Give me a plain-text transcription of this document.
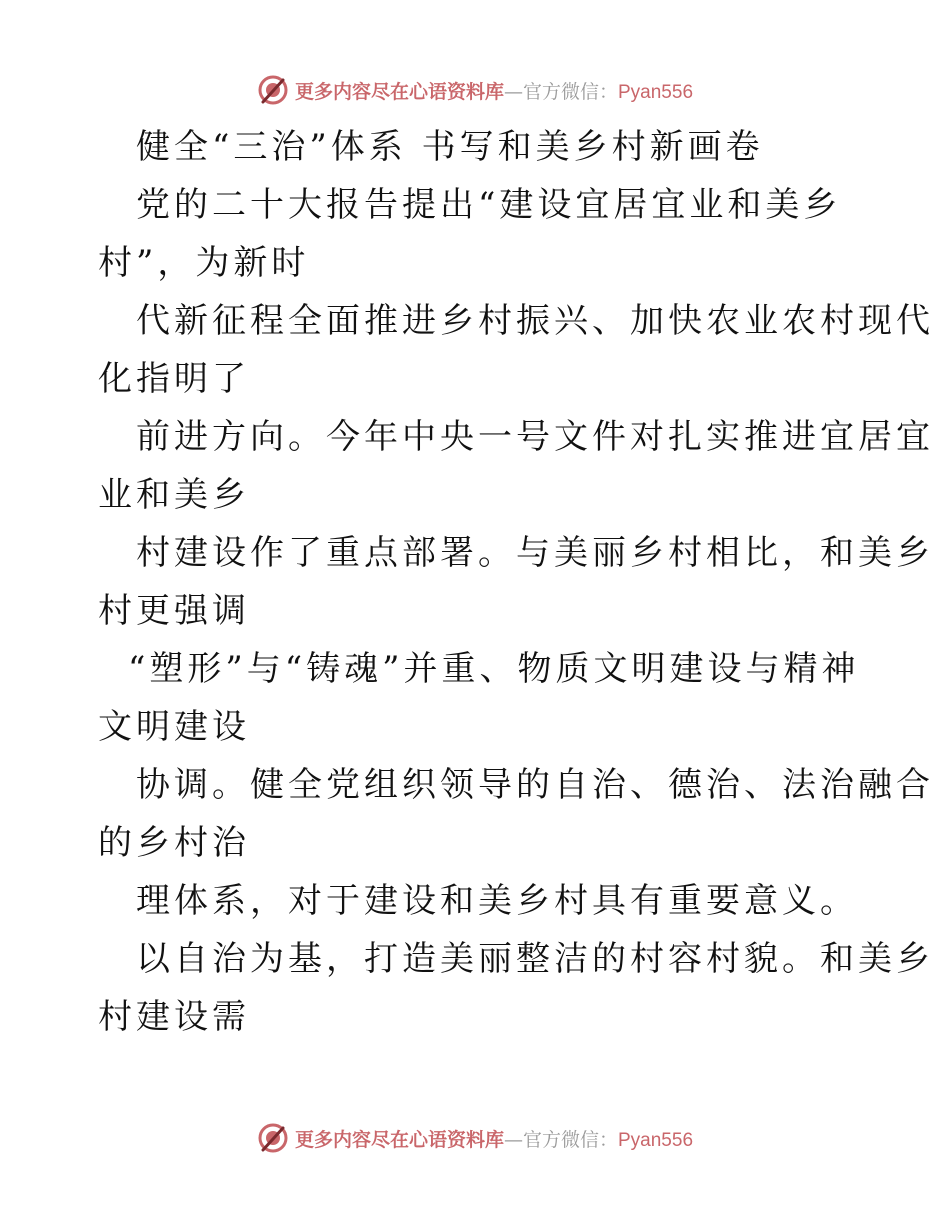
更多内容尽在心语资料库—官方微信：Pyan556
健全“三治”体系 书写和美乡村新画卷
党的二十大报告提出“建设宜居宜业和美乡
村”，为新时
代新征程全面推进乡村振兴、加快农业农村现代
化指明了
前进方向。今年中央一号文件对扎实推进宜居宜
业和美乡
村建设作了重点部署。与美丽乡村相比，和美乡
村更强调
“塑形”与“铸魂”并重、物质文明建设与精神
文明建设
协调。健全党组织领导的自治、德治、法治融合
的乡村治
理体系，对于建设和美乡村具有重要意义。
以自治为基，打造美丽整洁的村容村貌。和美乡
村建设需
更多内容尽在心语资料库—官方微信：Pyan556
